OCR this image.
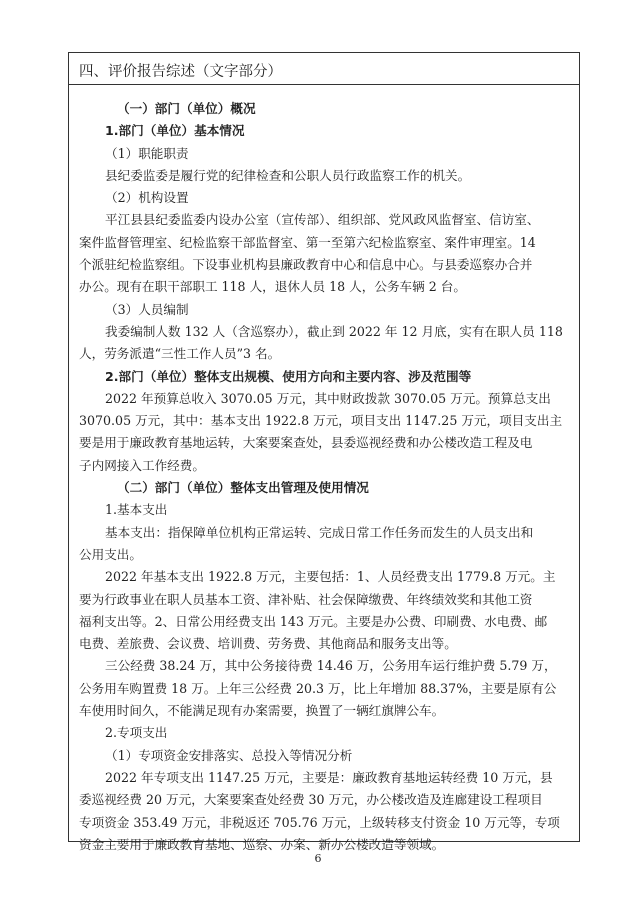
四、评价报告综述（文字部分）
（一）部门（单位）概况
1.部门（单位）基本情况
（1）职能职责
县纪委监委是履行党的纪律检查和公职人员行政监察工作的机关。
（2）机构设置
平江县县纪委监委内设办公室（宣传部）、组织部、党风政风监督室、信访室、
案件监督管理室、纪检监察干部监督室、第一至第六纪检监察室、案件审理室。14
个派驻纪检监察组。下设事业机构县廉政教育中心和信息中心。与县委巡察办合并
办公。现有在职干部职工 118 人，退休人员 18 人，公务车辆 2 台。
（3）人员编制
我委编制人数 132 人（含巡察办），截止到 2022 年 12 月底，实有在职人员 118
人，劳务派遣“三性工作人员”3 名。
2.部门（单位）整体支出规模、使用方向和主要内容、涉及范围等
2022 年预算总收入 3070.05 万元，其中财政拨款 3070.05 万元。预算总支出
3070.05 万元，其中：基本支出 1922.8 万元，项目支出 1147.25 万元，项目支出主
要是用于廉政教育基地运转，大案要案查处，县委巡视经费和办公楼改造工程及电
子内网接入工作经费。
（二）部门（单位）整体支出管理及使用情况
1.基本支出
基本支出：指保障单位机构正常运转、完成日常工作任务而发生的人员支出和
公用支出。
2022 年基本支出 1922.8 万元，主要包括：1、人员经费支出 1779.8 万元。主
要为行政事业在职人员基本工资、津补贴、社会保障缴费、年终绩效奖和其他工资
福利支出等。2、日常公用经费支出 143 万元。主要是办公费、印刷费、水电费、邮
电费、差旅费、会议费、培训费、劳务费、其他商品和服务支出等。
三公经费 38.24 万，其中公务接待费 14.46 万，公务用车运行维护费 5.79 万，
公务用车购置费 18 万。上年三公经费 20.3 万，比上年增加 88.37%，主要是原有公
车使用时间久，不能满足现有办案需要，换置了一辆红旗牌公车。
2.专项支出
（1）专项资金安排落实、总投入等情况分析
2022 年专项支出 1147.25 万元，主要是：廉政教育基地运转经费 10 万元，县
委巡视经费 20 万元，大案要案查处经费 30 万元，办公楼改造及连廊建设工程项目
专项资金 353.49 万元，非税返还 705.76 万元，上级转移支付资金 10 万元等，专项
资金主要用于廉政教育基地、巡察、办案、新办公楼改造等领域。
6
